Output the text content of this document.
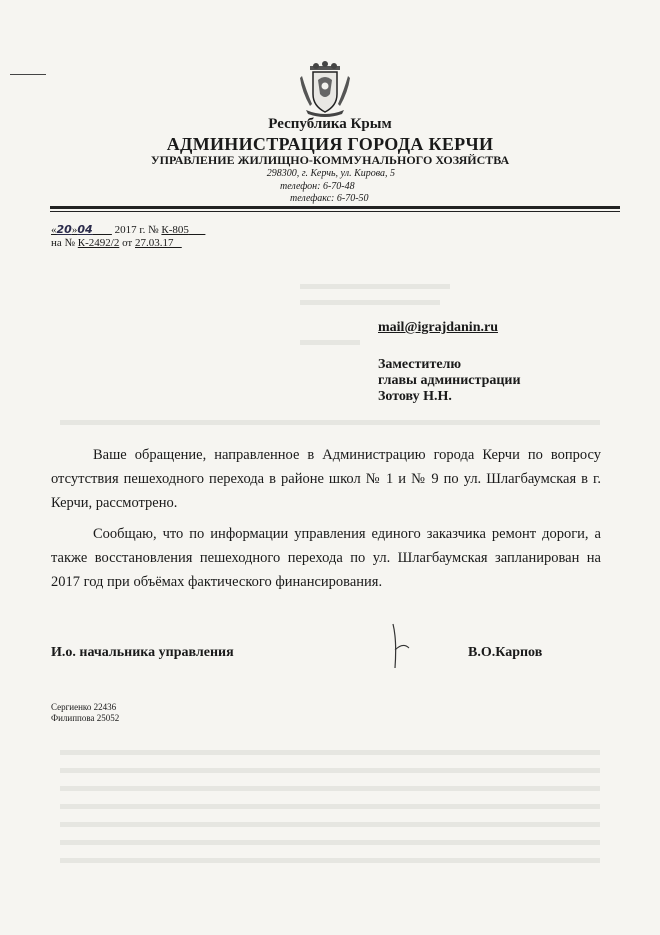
Республика Крым
АДМИНИСТРАЦИЯ ГОРОДА КЕРЧИ
УПРАВЛЕНИЕ ЖИЛИЩНО-КОММУНАЛЬНОГО ХОЗЯЙСТВА
298300, г. Керчь, ул. Кирова, 5
телефон: 6-70-48
телефакс: 6-70-50
«20»04 2017 г. № К-805
на № К-2492/2 от 27.03.17
mail@igrajdanin.ru
Заместителю
главы администрации
Зотову Н.Н.

Ваше обращение, направленное в Администрацию города Керчи по вопросу отсутствия пешеходного перехода в районе школ № 1 и № 9 по ул. Шлагбаумская в г. Керчи, рассмотрено.

Сообщаю, что по информации управления единого заказчика ремонт дороги, а также восстановления пешеходного перехода по ул. Шлагбаумская запланирован на 2017 год при объёмах фактического финансирования.

И.о. начальника управления	В.О.Карпов
Сергиенко 22436
Филиппова 25052
